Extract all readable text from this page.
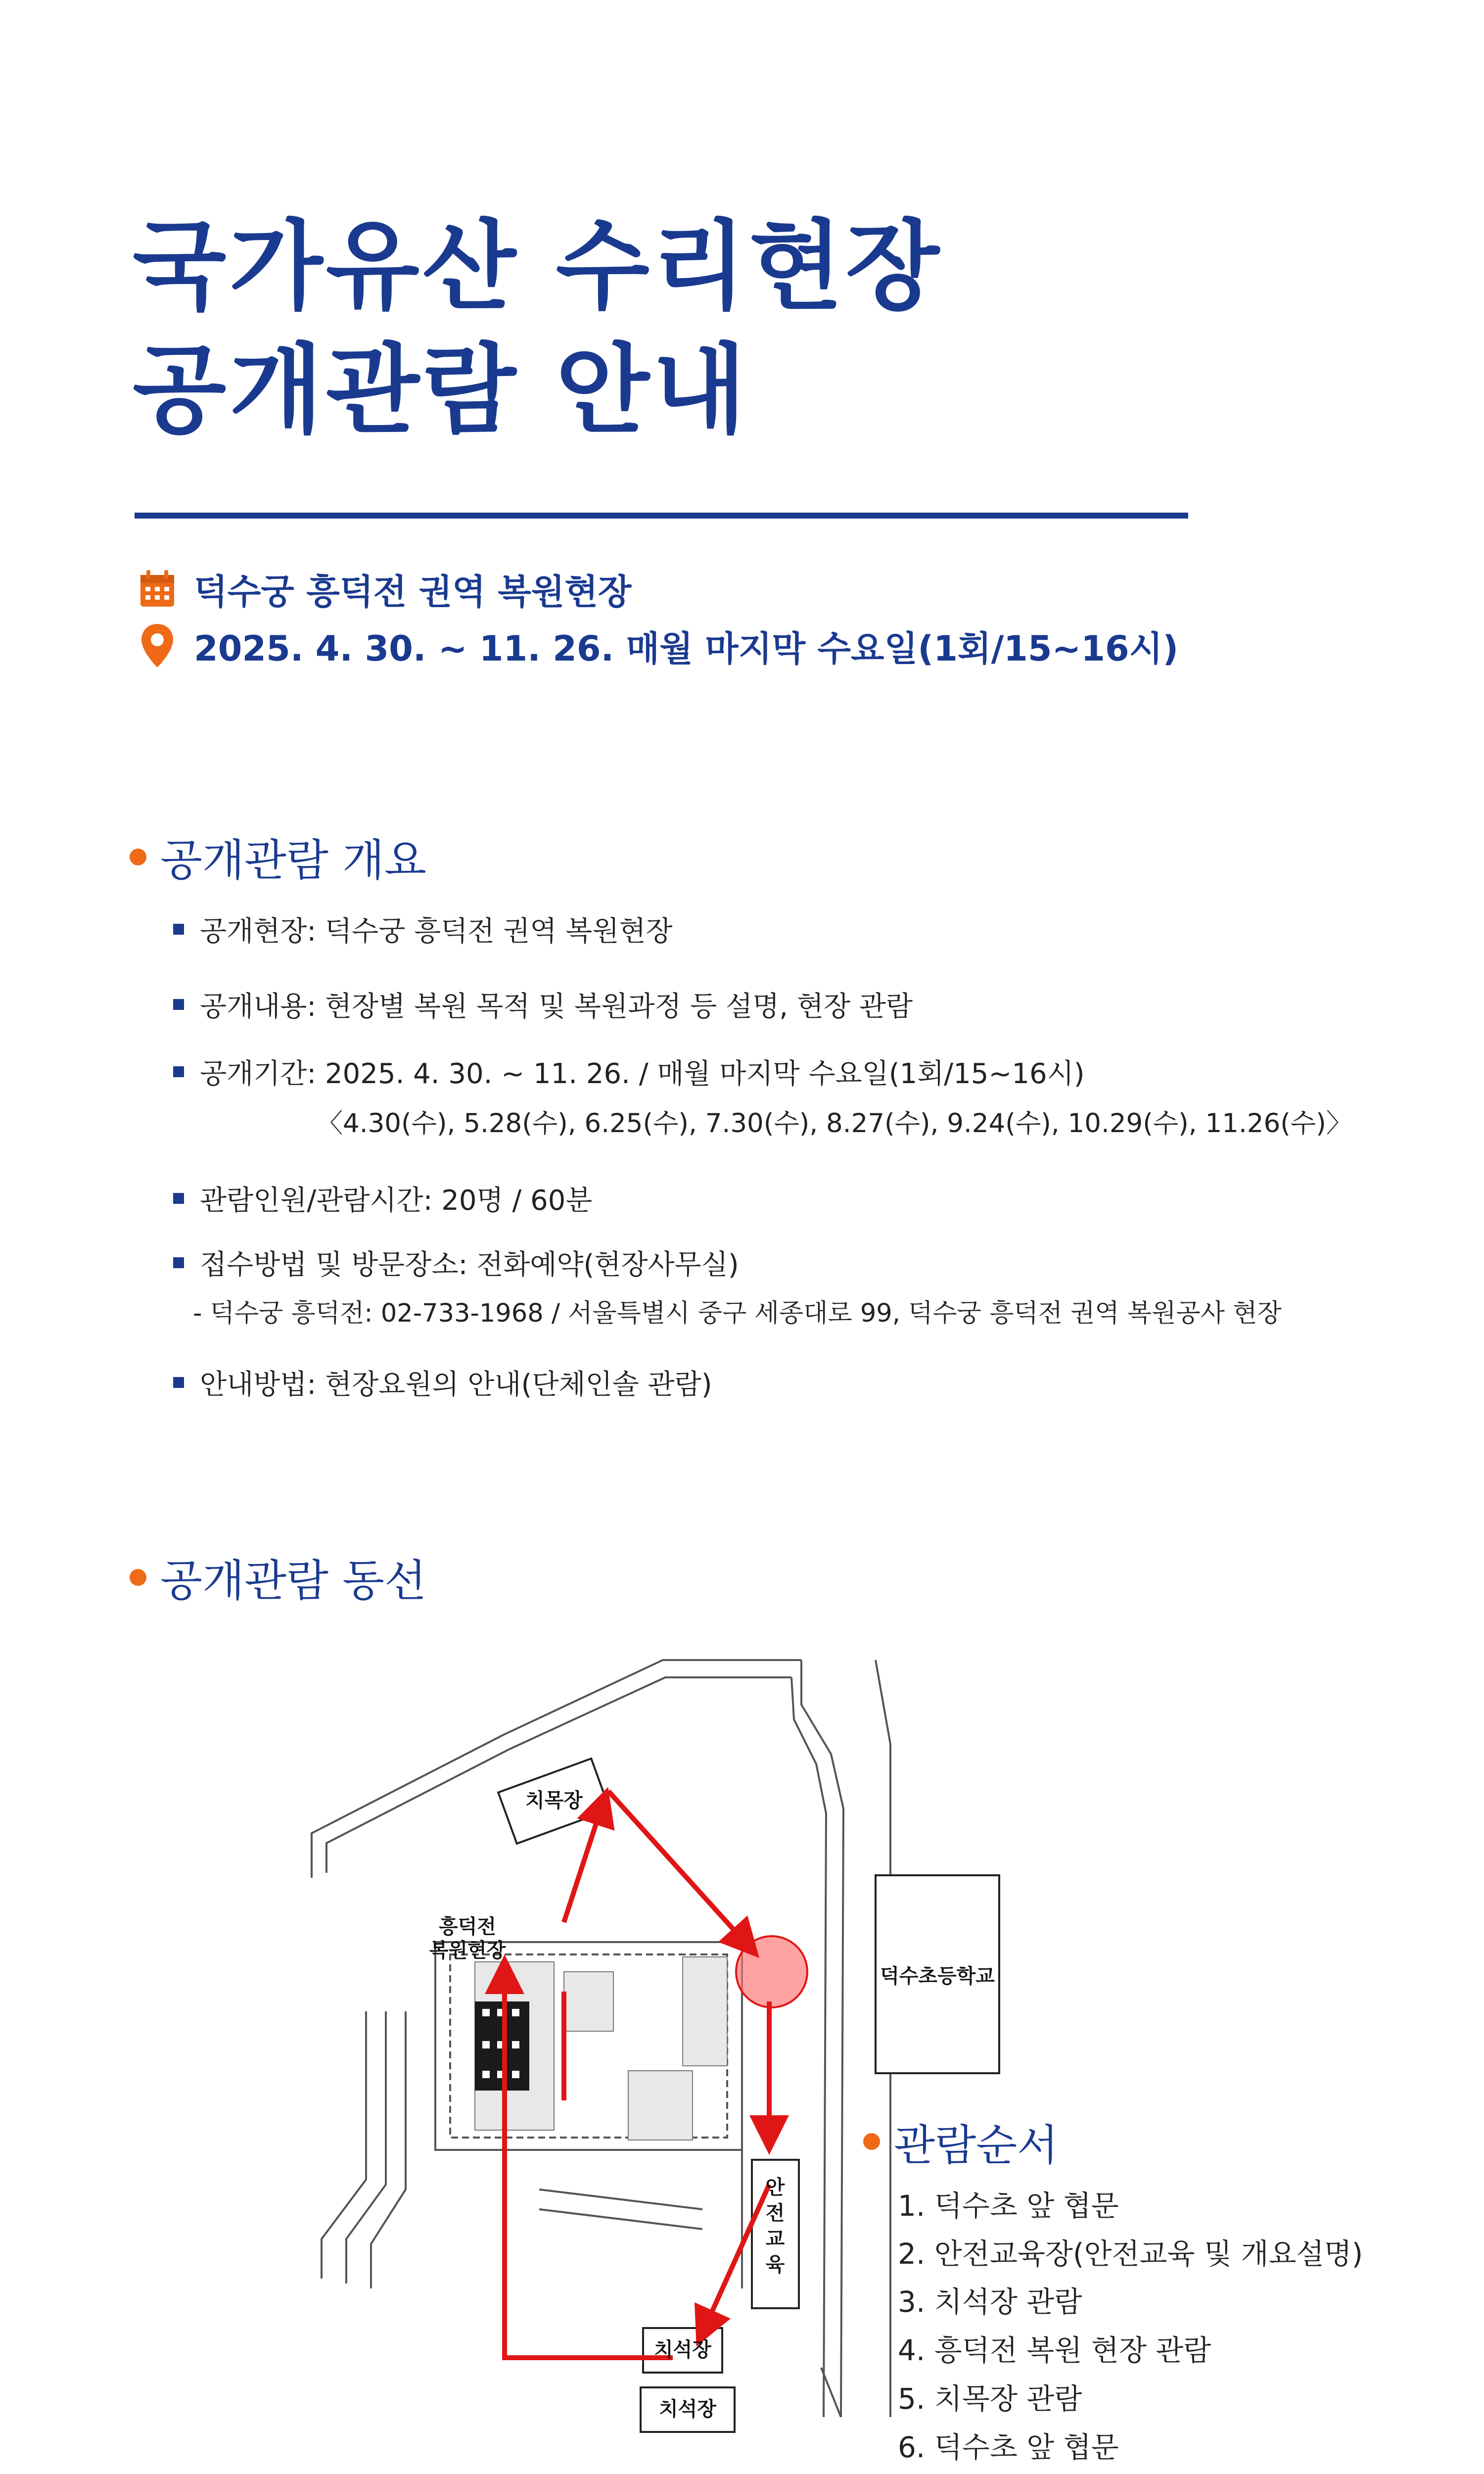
국가유산 수리현장
공개관람 안내
덕수궁 흥덕전 권역 복원현장
2025. 4. 30. ~ 11. 26. 매월 마지막 수요일(1회/15~16시)
공개관람 개요
공개현장: 덕수궁 흥덕전 권역 복원현장
공개내용: 현장별 복원 목적 및 복원과정 등 설명, 현장 관람
공개기간: 2025. 4. 30. ~ 11. 26. / 매월 마지막 수요일(1회/15~16시)
〈4.30(수), 5.28(수), 6.25(수), 7.30(수), 8.27(수), 9.24(수), 10.29(수), 11.26(수)〉
관람인원/관람시간: 20명 / 60분
접수방법 및 방문장소: 전화예약(현장사무실)
- 덕수궁 흥덕전: 02-733-1968 / 서울특별시 중구 세종대로 99, 덕수궁 흥덕전 권역 복원공사 현장
안내방법: 현장요원의 안내(단체인솔 관람)
공개관람 동선
치목장
흥덕전
복원현장
덕수초등학교
안
전
교
육
치석장
치석장
관람순서
1. 덕수초 앞 협문
2. 안전교육장(안전교육 및 개요설명)
3. 치석장 관람
4. 흥덕전 복원 현장 관람
5. 치목장 관람
6. 덕수초 앞 협문
